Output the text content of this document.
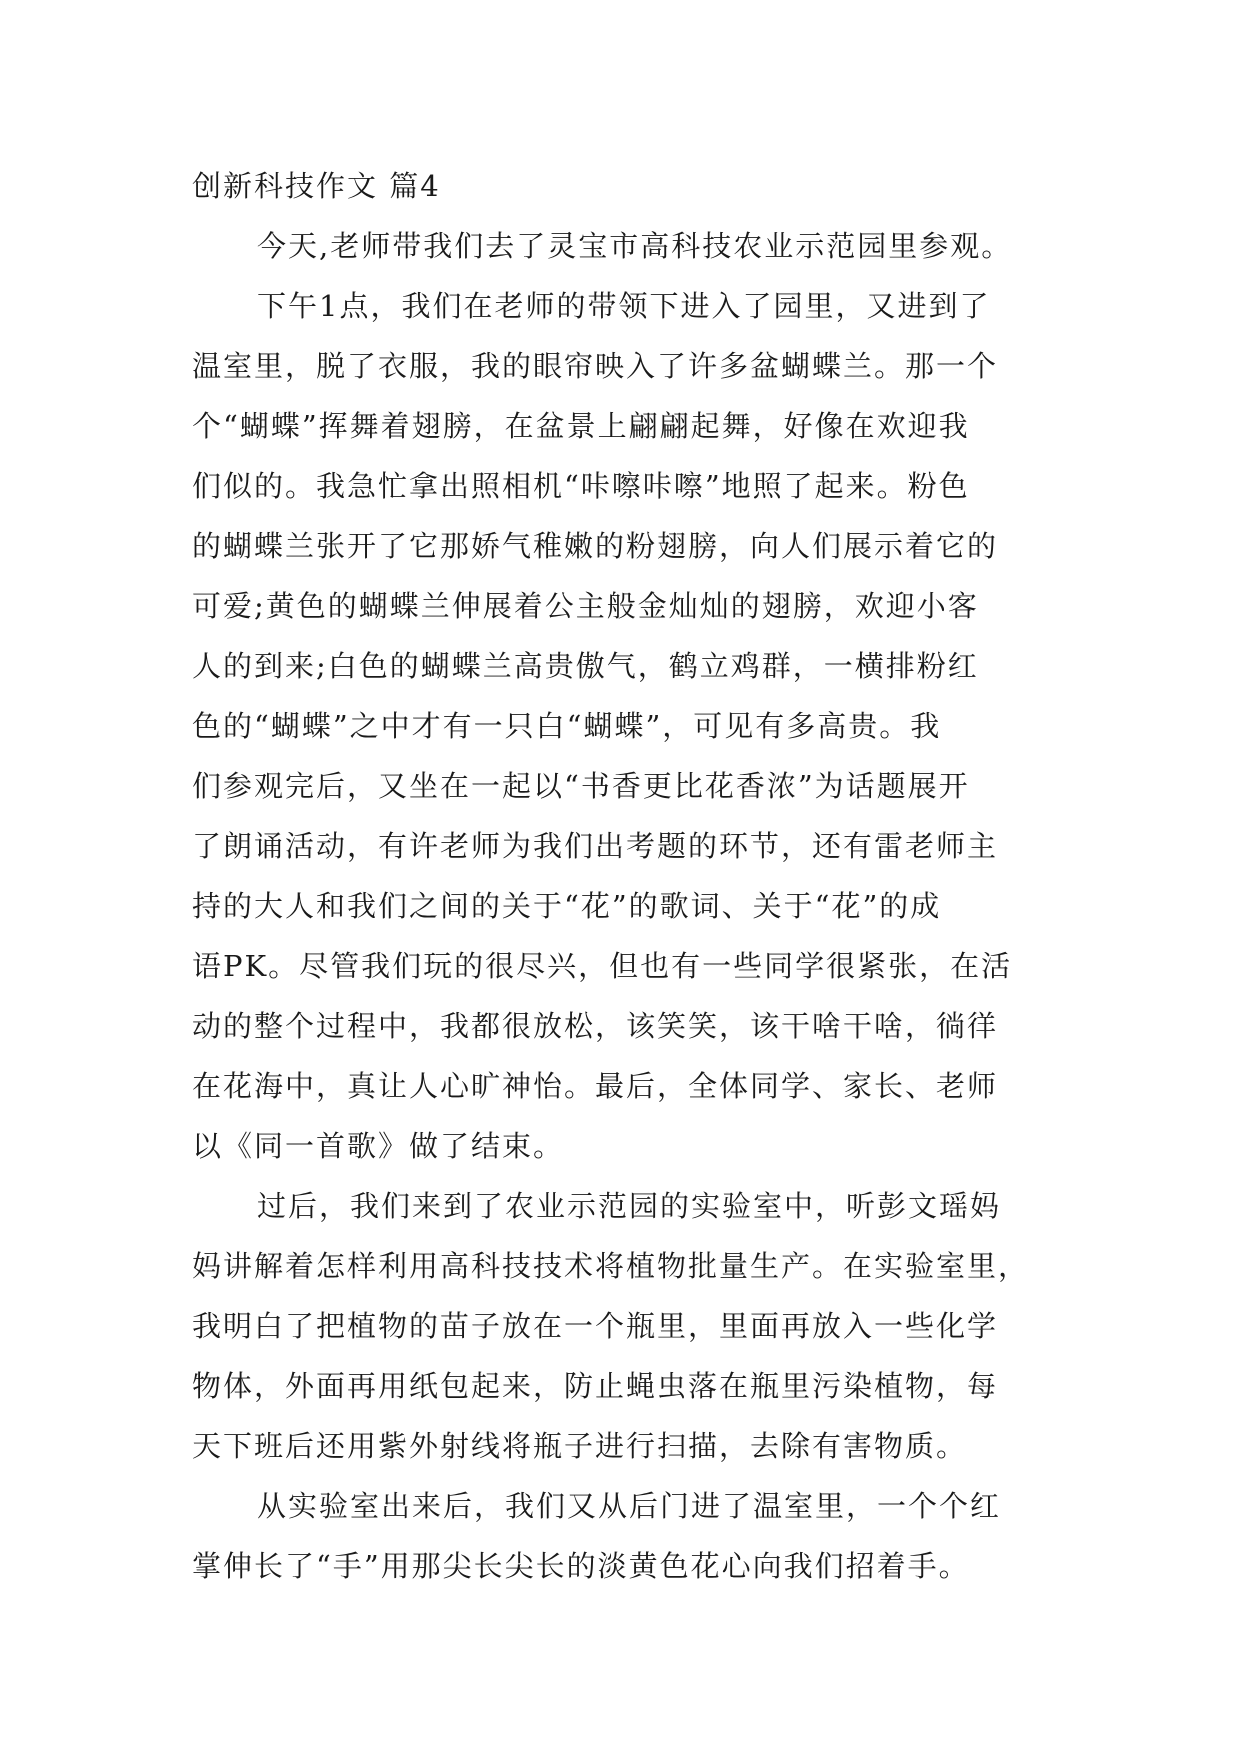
创新科技作文 篇4
今天,老师带我们去了灵宝市高科技农业示范园里参观。
下午1点，我们在老师的带领下进入了园里，又进到了
温室里，脱了衣服，我的眼帘映入了许多盆蝴蝶兰。那一个
个“蝴蝶”挥舞着翅膀，在盆景上翩翩起舞，好像在欢迎我
们似的。我急忙拿出照相机“咔嚓咔嚓”地照了起来。粉色
的蝴蝶兰张开了它那娇气稚嫩的粉翅膀，向人们展示着它的
可爱;黄色的蝴蝶兰伸展着公主般金灿灿的翅膀，欢迎小客
人的到来;白色的蝴蝶兰高贵傲气，鹤立鸡群，一横排粉红
色的“蝴蝶”之中才有一只白“蝴蝶”，可见有多高贵。我
们参观完后，又坐在一起以“书香更比花香浓”为话题展开
了朗诵活动，有许老师为我们出考题的环节，还有雷老师主
持的大人和我们之间的关于“花”的歌词、关于“花”的成
语PK。尽管我们玩的很尽兴，但也有一些同学很紧张，在活
动的整个过程中，我都很放松，该笑笑，该干啥干啥，徜徉
在花海中，真让人心旷神怡。最后，全体同学、家长、老师
以《同一首歌》做了结束。
过后，我们来到了农业示范园的实验室中，听彭文瑶妈
妈讲解着怎样利用高科技技术将植物批量生产。在实验室里，
我明白了把植物的苗子放在一个瓶里，里面再放入一些化学
物体，外面再用纸包起来，防止蝇虫落在瓶里污染植物，每
天下班后还用紫外射线将瓶子进行扫描，去除有害物质。
从实验室出来后，我们又从后门进了温室里，一个个红
掌伸长了“手”用那尖长尖长的淡黄色花心向我们招着手。
